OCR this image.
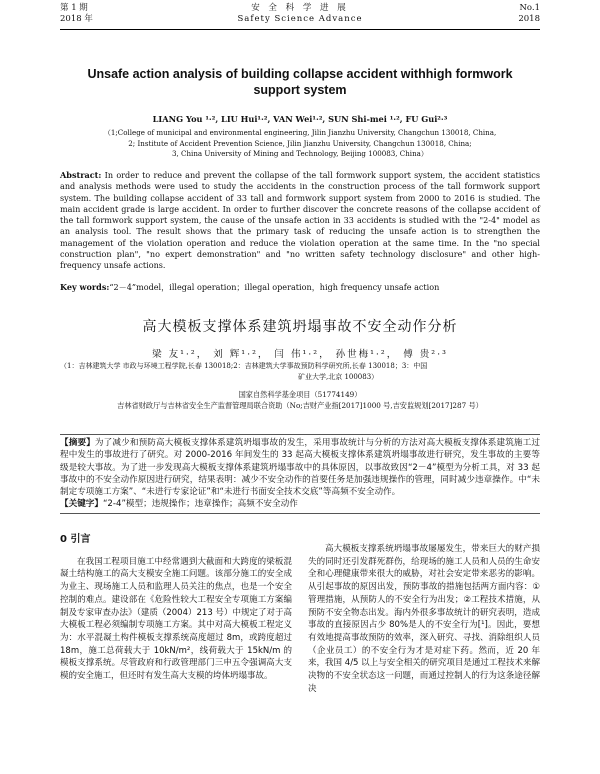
第 1 期
2018 年
安 全 科 学 进 展
Safety Science Advance
No.1
2018
Unsafe action analysis of building collapse accident withhigh formwork
support system
LIANG You ¹·², LIU Hui¹·², VAN Wei¹·², SUN Shi-mei ¹·², FU Gui²·³
（1;College of municipal and environmental engineering, Jilin Jianzhu University, Changchun 130018, China,
2; Institute of Accident Prevention Science, Jilin Jianzhu University, Changchun 130018, China;
3, China University of Mining and Technology, Beijing 100083, China）
Abstract: In order to reduce and prevent the collapse of the tall formwork support system, the accident statistics and analysis methods were used to study the accidents in the construction process of the tall formwork support system. The building collapse accident of 33 tall and formwork support system from 2000 to 2016 is studied. The main accident grade is large accident. In order to further discover the concrete reasons of the collapse accident of the tall formwork support system, the cause of the unsafe action in 33 accidents is studied with the "2-4" model as an analysis tool. The result shows that the primary task of reducing the unsafe action is to strengthen the management of the violation operation and reduce the violation operation at the same time. In the "no special construction plan", "no expert demonstration" and "no written safety technology disclosure" and other high-frequency unsafe actions.
Key words:“2－4”model，illegal operation；illegal operation，high frequency unsafe action
高大模板支撑体系建筑坍塌事故不安全动作分析
梁 友¹·²， 刘 辉¹·²， 闫 伟¹·²， 孙世梅¹·²， 傅 贵²·³
（1：吉林建筑大学 市政与环境工程学院,长春 130018;2：吉林建筑大学事故预防科学研究所,长春 130018；3：中国
矿业大学,北京 100083）
国家自然科学基金项目（51774149）
吉林省财政厅与吉林省安全生产监督管理局联合资助（No;吉财产业指[2017]1000 号,吉安监规划[2017]287 号）
【摘要】为了减少和预防高大模板支撑体系建筑坍塌事故的发生，采用事故统计与分析的方法对高大模板支撑体系建筑施工过程中发生的事故进行了研究。对 2000-2016 年间发生的 33 起高大模板支撑体系建筑坍塌事故进行研究，发生事故的主要等级是较大事故。为了进一步发现高大模板支撑体系建筑坍塌事故中的具体原因，以事故致因“2－4”模型为分析工具，对 33 起事故中的不安全动作原因进行研究，结果表明：减少不安全动作的首要任务是加强违规操作的管理，同时减少违章操作。中“未制定专项施工方案”、“未进行专家论证”和“未进行书面安全技术交底”等高频不安全动作。
【关键字】“2-4”模型；违规操作；违章操作；高频不安全动作
0 引言

在我国工程项目施工中经常遇到大截面和大跨度的梁板混凝土结构施工的高大支模安全施工问题。该部分施工的安全成为业主、现场施工人员和监理人员关注的焦点，也是一个安全控制的难点。建设部在《危险性较大工程安全专项施工方案编制及专家审查办法》（建质（2004）213 号）中规定了对于高大模板工程必须编制专项施工方案。其中对高大模板工程定义为：水平混凝土构件模板支撑系统高度超过 8m，或跨度超过 18m，施工总荷载大于 10kN/m²，线荷载大于 15kN/m 的模板支撑系统。尽管政府和行政管理部门三申五令强调高大支模的安全施工，但还时有发生高大支模的垮体坍塌事故。

高大模板支撑系统坍塌事故屡屡发生，带来巨大的财产损失的同时还引发群死群伤，给现场的施工人员和人员的生命安全和心理健康带来很大的威胁，对社会安定带来恶劣的影响。从引起事故的原因出发，预防事故的措施包括两方面内容：①管理措施，从预防人的不安全行为出发；②工程技术措施，从预防不安全物态出发。海内外很多事故统计的研究表明，造成事故的直接原因占少 80%是人的不安全行为[¹]。因此，要想有效地提高事故预防的效率，深入研究、寻找、消除组织人员（企业员工）的不安全行为才是对症下药。然而，近 20 年来，我国 4/5 以上与安全相关的研究项目是通过工程技术来解决物的不安全状态这一问题，而通过控制人的行为这条途径解决
